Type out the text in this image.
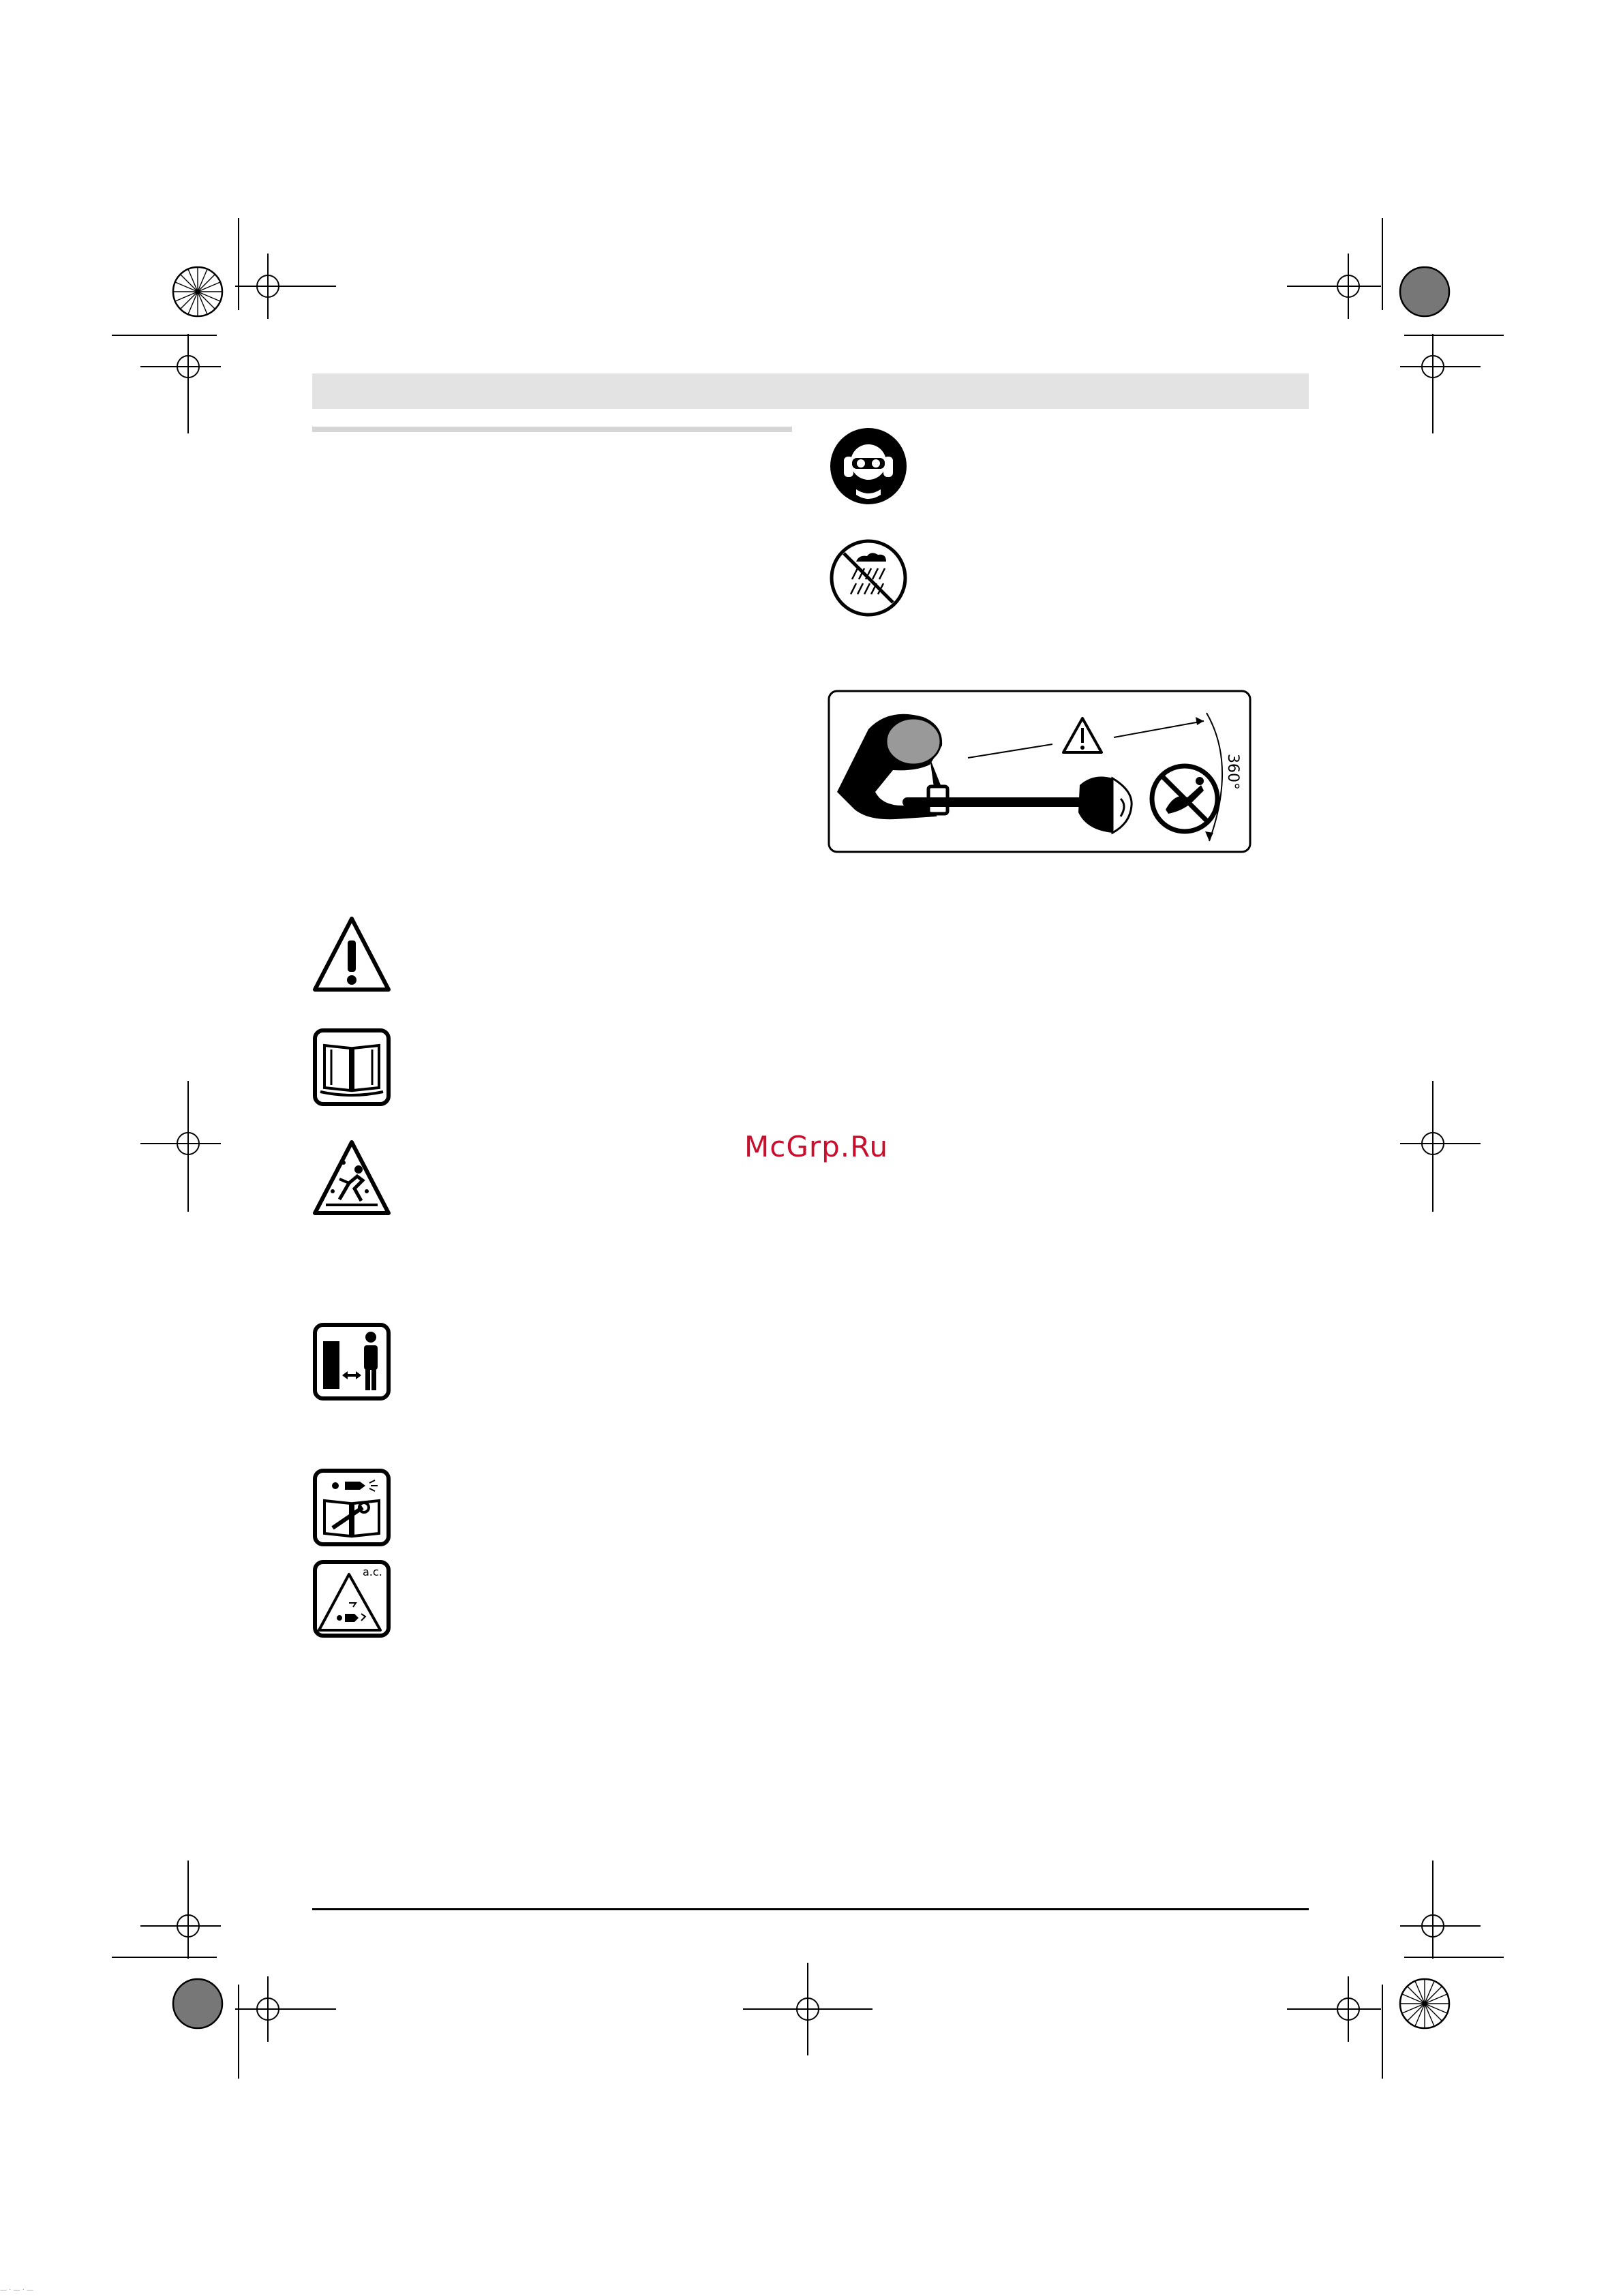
360°
a.c.
McGrp.Ru
— · — · —
